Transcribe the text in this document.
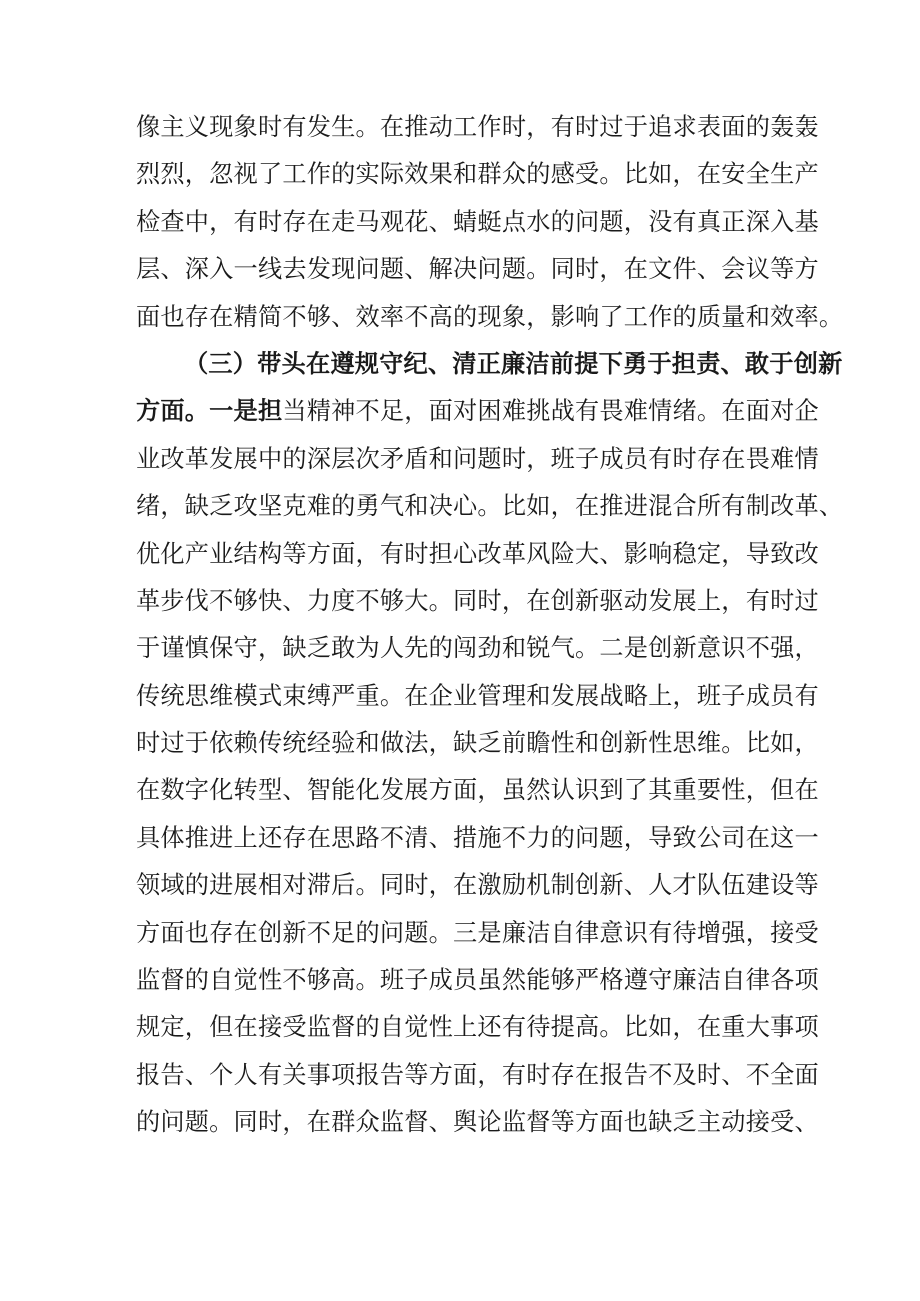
像主义现象时有发生。在推动工作时，有时过于追求表面的轰轰
烈烈，忽视了工作的实际效果和群众的感受。比如，在安全生产
检查中，有时存在走马观花、蜻蜓点水的问题，没有真正深入基
层、深入一线去发现问题、解决问题。同时，在文件、会议等方
面也存在精简不够、效率不高的现象，影响了工作的质量和效率。
（三）带头在遵规守纪、清正廉洁前提下勇于担责、敢于创新
方面。一是担当精神不足，面对困难挑战有畏难情绪。在面对企
业改革发展中的深层次矛盾和问题时，班子成员有时存在畏难情
绪，缺乏攻坚克难的勇气和决心。比如，在推进混合所有制改革、
优化产业结构等方面，有时担心改革风险大、影响稳定，导致改
革步伐不够快、力度不够大。同时，在创新驱动发展上，有时过
于谨慎保守，缺乏敢为人先的闯劲和锐气。二是创新意识不强，
传统思维模式束缚严重。在企业管理和发展战略上，班子成员有
时过于依赖传统经验和做法，缺乏前瞻性和创新性思维。比如，
在数字化转型、智能化发展方面，虽然认识到了其重要性，但在
具体推进上还存在思路不清、措施不力的问题，导致公司在这一
领域的进展相对滞后。同时，在激励机制创新、人才队伍建设等
方面也存在创新不足的问题。三是廉洁自律意识有待增强，接受
监督的自觉性不够高。班子成员虽然能够严格遵守廉洁自律各项
规定，但在接受监督的自觉性上还有待提高。比如，在重大事项
报告、个人有关事项报告等方面，有时存在报告不及时、不全面
的问题。同时，在群众监督、舆论监督等方面也缺乏主动接受、
